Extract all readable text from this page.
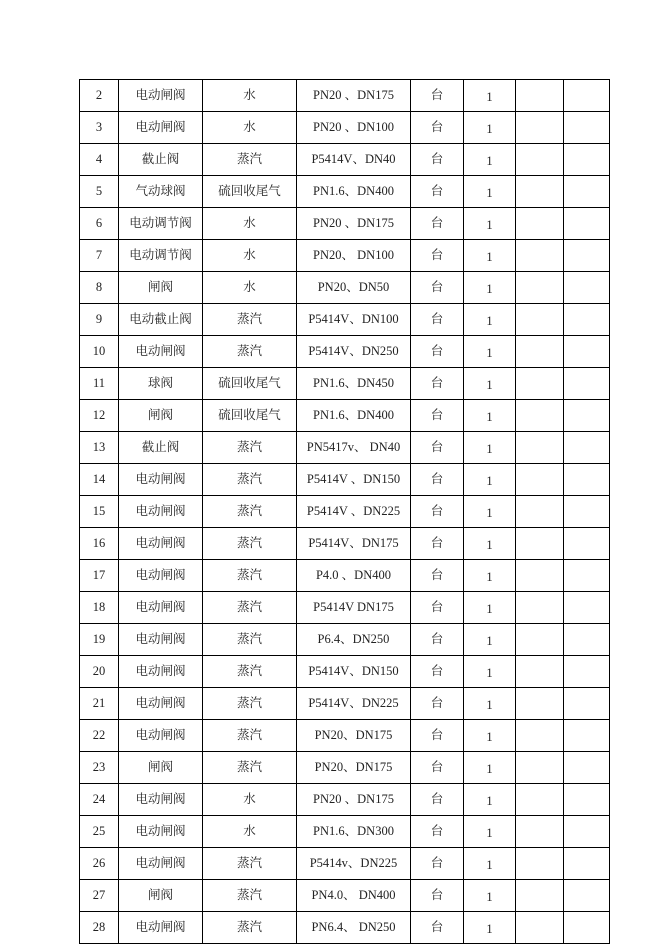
2	电动闸阀	水	PN20 、DN175	台	1		
3	电动闸阀	水	PN20 、DN100	台	1		
4	截止阀	蒸汽	P5414V、DN40	台	1		
5	气动球阀	硫回收尾气	PN1.6、DN400	台	1		
6	电动调节阀	水	PN20 、DN175	台	1		
7	电动调节阀	水	PN20、 DN100	台	1		
8	闸阀	水	PN20、DN50	台	1		
9	电动截止阀	蒸汽	P5414V、DN100	台	1		
10	电动闸阀	蒸汽	P5414V、DN250	台	1		
11	球阀	硫回收尾气	PN1.6、DN450	台	1		
12	闸阀	硫回收尾气	PN1.6、DN400	台	1		
13	截止阀	蒸汽	PN5417v、 DN40	台	1		
14	电动闸阀	蒸汽	P5414V 、DN150	台	1		
15	电动闸阀	蒸汽	P5414V 、DN225	台	1		
16	电动闸阀	蒸汽	P5414V、DN175	台	1		
17	电动闸阀	蒸汽	P4.0 、DN400	台	1		
18	电动闸阀	蒸汽	P5414V DN175	台	1		
19	电动闸阀	蒸汽	P6.4、DN250	台	1		
20	电动闸阀	蒸汽	P5414V、DN150	台	1		
21	电动闸阀	蒸汽	P5414V、DN225	台	1		
22	电动闸阀	蒸汽	PN20、DN175	台	1		
23	闸阀	蒸汽	PN20、DN175	台	1		
24	电动闸阀	水	PN20 、DN175	台	1		
25	电动闸阀	水	PN1.6、DN300	台	1		
26	电动闸阀	蒸汽	P5414v、DN225	台	1		
27	闸阀	蒸汽	PN4.0、 DN400	台	1		
28	电动闸阀	蒸汽	PN6.4、 DN250	台	1		
